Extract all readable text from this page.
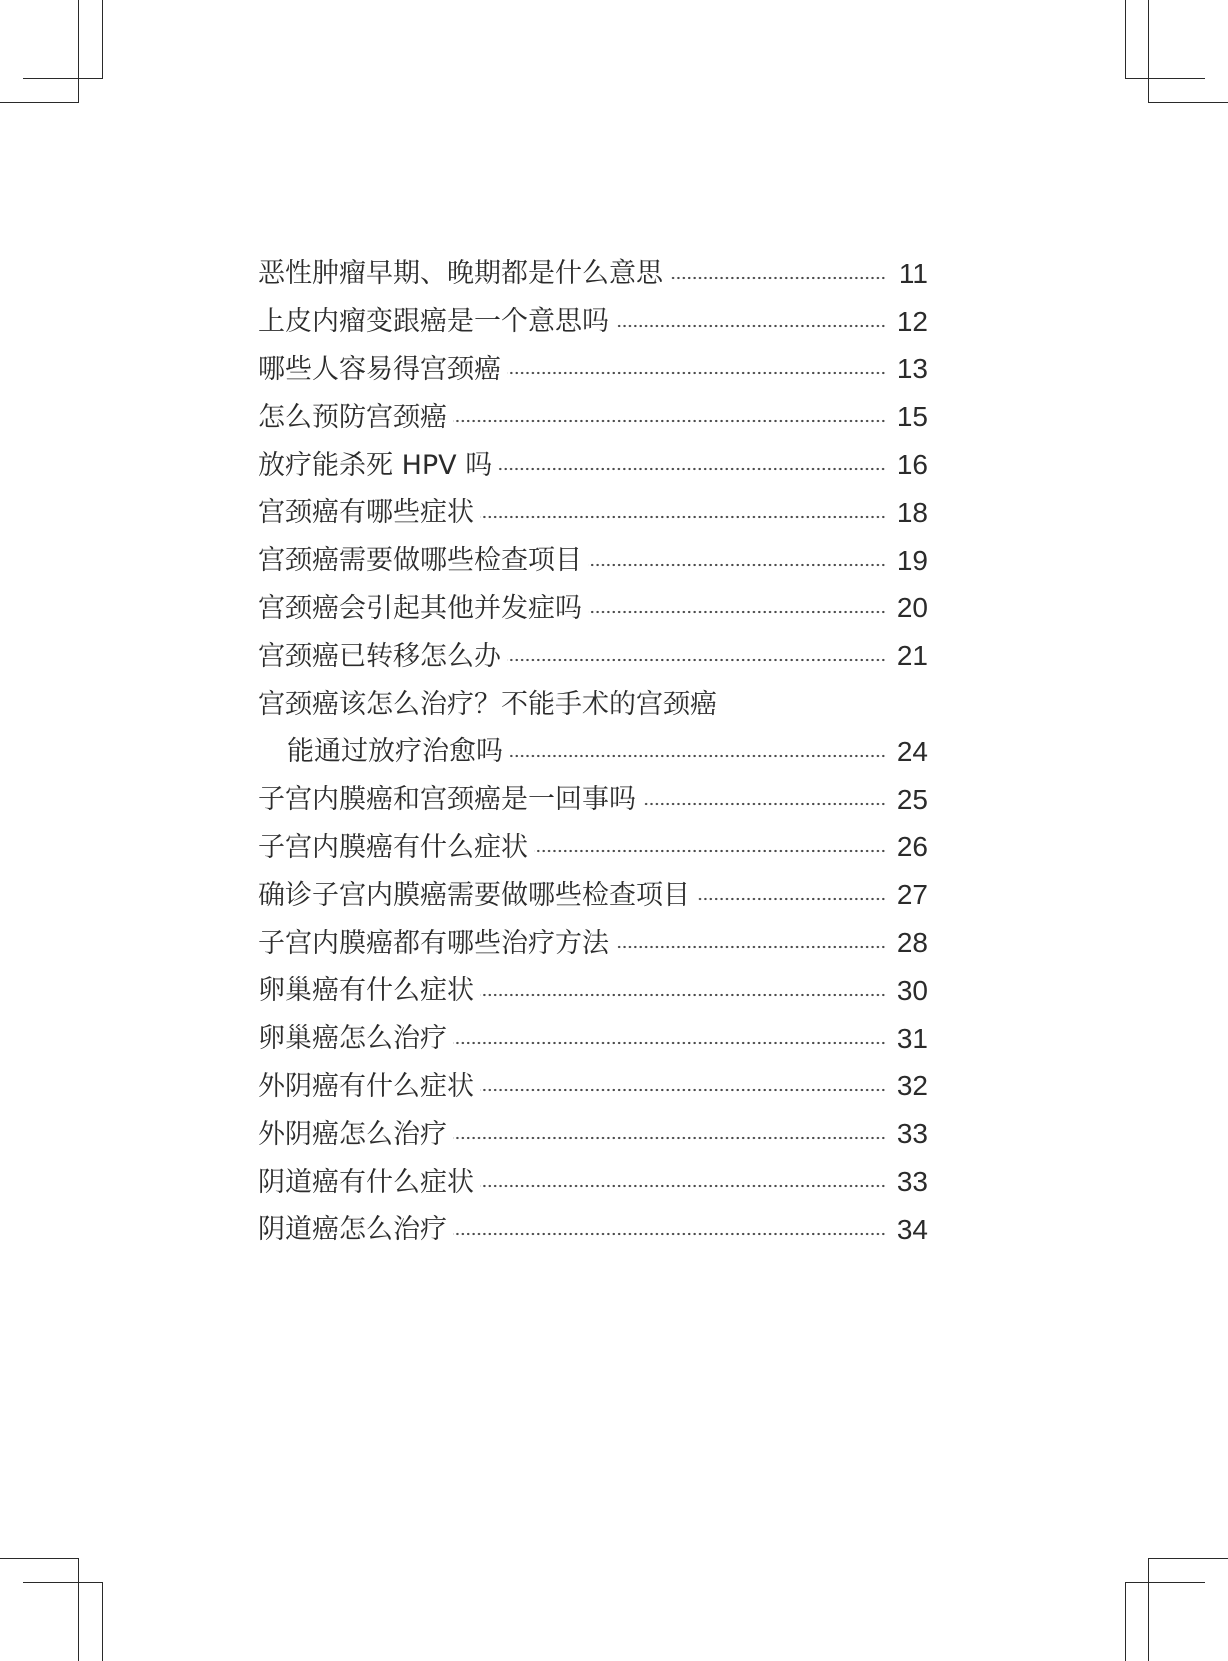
恶性肿瘤早期、晚期都是什么意思	11
上皮内瘤变跟癌是一个意思吗	12
哪些人容易得宫颈癌	13
怎么预防宫颈癌	15
放疗能杀死 HPV 吗	16
宫颈癌有哪些症状	18
宫颈癌需要做哪些检查项目	19
宫颈癌会引起其他并发症吗	20
宫颈癌已转移怎么办	21
宫颈癌该怎么治疗？不能手术的宫颈癌
能通过放疗治愈吗	24
子宫内膜癌和宫颈癌是一回事吗	25
子宫内膜癌有什么症状	26
确诊子宫内膜癌需要做哪些检查项目	27
子宫内膜癌都有哪些治疗方法	28
卵巢癌有什么症状	30
卵巢癌怎么治疗	31
外阴癌有什么症状	32
外阴癌怎么治疗	33
阴道癌有什么症状	33
阴道癌怎么治疗	34
